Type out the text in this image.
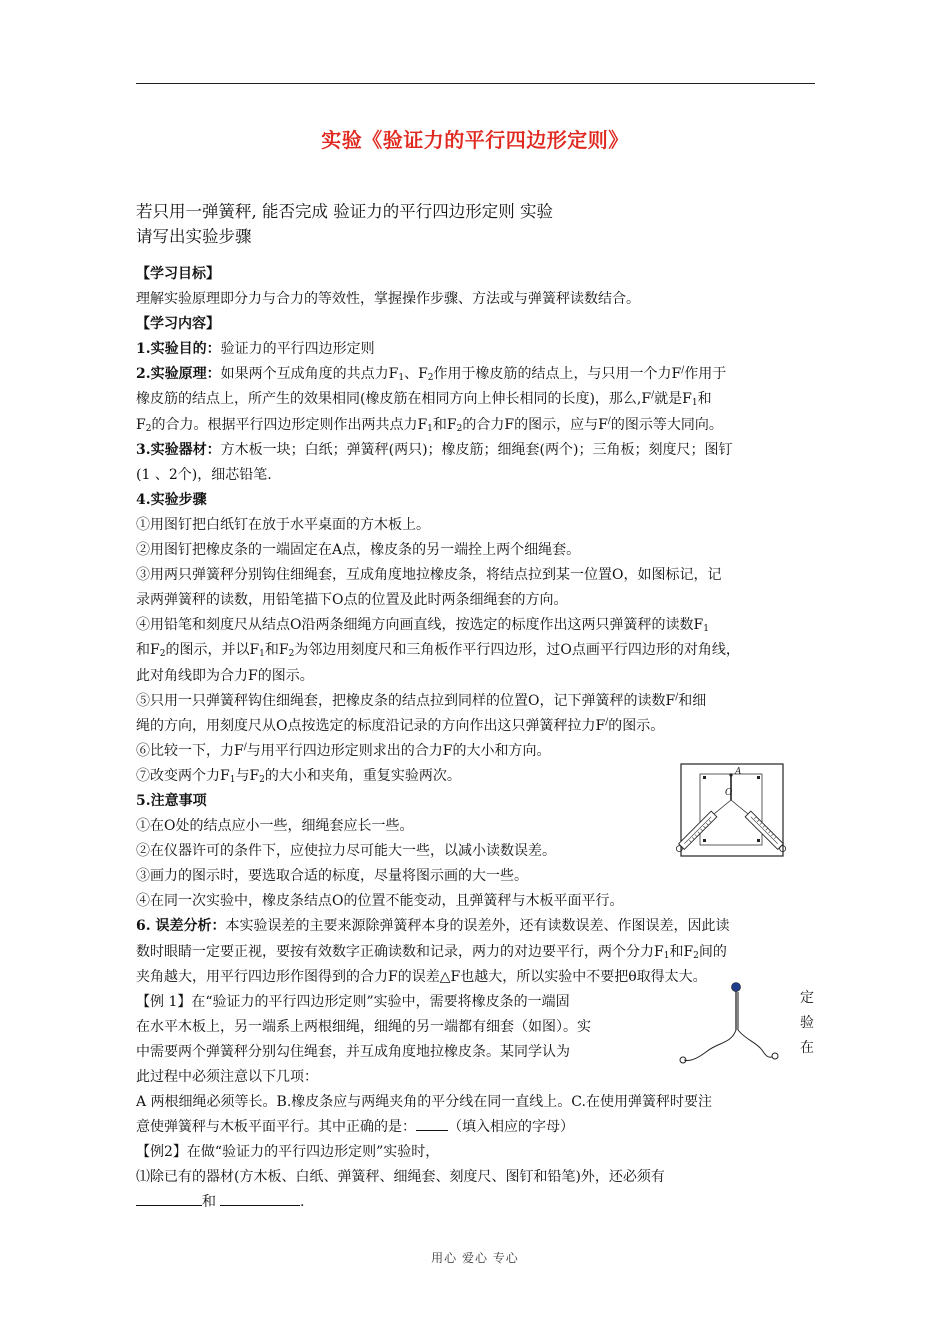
实验《验证力的平行四边形定则》
若只用一弹簧秤, 能否完成 验证力的平行四边形定则 实验
请写出实验步骤

【学习目标】

理解实验原理即分力与合力的等效性，掌握操作步骤、方法或与弹簧秤读数结合。

【学习内容】

1.实验目的：验证力的平行四边形定则

2.实验原理：如果两个互成角度的共点力$F_1$、$F_2$作用于橡皮筋的结点上，与只用一个力F/作用于

橡皮筋的结点上，所产生的效果相同(橡皮筋在相同方向上伸长相同的长度)，那么,F/就是$F_1$和

$F_2$的合力。根据平行四边形定则作出两共点力$F_1$和$F_2$的合力F的图示，应与F/的图示等大同向。

3.实验器材：方木板一块；白纸；弹簧秤(两只)；橡皮筋；细绳套(两个)；三角板；刻度尺；图钉

(1 、2个)，细芯铅笔.

4.实验步骤

①用图钉把白纸钉在放于水平桌面的方木板上。

②用图钉把橡皮条的一端固定在A点，橡皮条的另一端拴上两个细绳套。

③用两只弹簧秤分别钩住细绳套，互成角度地拉橡皮条，将结点拉到某一位置O，如图标记，记

录两弹簧秤的读数，用铅笔描下O点的位置及此时两条细绳套的方向。

④用铅笔和刻度尺从结点O沿两条细绳方向画直线，按选定的标度作出这两只弹簧秤的读数$F_1$

和$F_2$的图示，并以$F_1$和$F_2$为邻边用刻度尺和三角板作平行四边形，过O点画平行四边形的对角线，

此对角线即为合力F的图示。

⑤只用一只弹簧秤钩住细绳套，把橡皮条的结点拉到同样的位置O，记下弹簧秤的读数F/和细

绳的方向，用刻度尺从O点按选定的标度沿记录的方向作出这只弹簧秤拉力F/的图示。

⑥比较一下，力F/与用平行四边形定则求出的合力F的大小和方向。

⑦改变两个力$F_1$与$F_2$的大小和夹角，重复实验两次。

5.注意事项

①在O处的结点应小一些，细绳套应长一些。

②在仪器许可的条件下，应使拉力尽可能大一些，以减小读数误差。

③画力的图示时，要选取合适的标度，尽量将图示画的大一些。

④在同一次实验中，橡皮条结点O的位置不能变动，且弹簧秤与木板平面平行。

6. 误差分析：本实验误差的主要来源除弹簧秤本身的误差外，还有读数误差、作图误差，因此读

数时眼睛一定要正视，要按有效数字正确读数和记录，两力的对边要平行，两个分力$F_1$和$F_2$间的

夹角越大，用平行四边形作图得到的合力F的误差△F也越大，所以实验中不要把θ取得太大。

【例 1】在“验证力的平行四边形定则”实验中，需要将橡皮条的一端固

在水平木板上，另一端系上两根细绳，细绳的另一端都有细套（如图）。实

中需要两个弹簧秤分别勾住绳套，并互成角度地拉橡皮条。某同学认为

此过程中必须注意以下几项：

A 两根细绳必须等长。B.橡皮条应与两绳夹角的平分线在同一直线上。C.在使用弹簧秤时要注

意使弹簧秤与木板平面平行。其中正确的是： （填入相应的字母）

【例2】在做“验证力的平行四边形定则”实验时，

⑴除已有的器材(方木板、白纸、弹簧秤、细绳套、刻度尺、图钉和铅笔)外，还必须有

和	.

定
验
在
A
O
用心 爱心 专心
